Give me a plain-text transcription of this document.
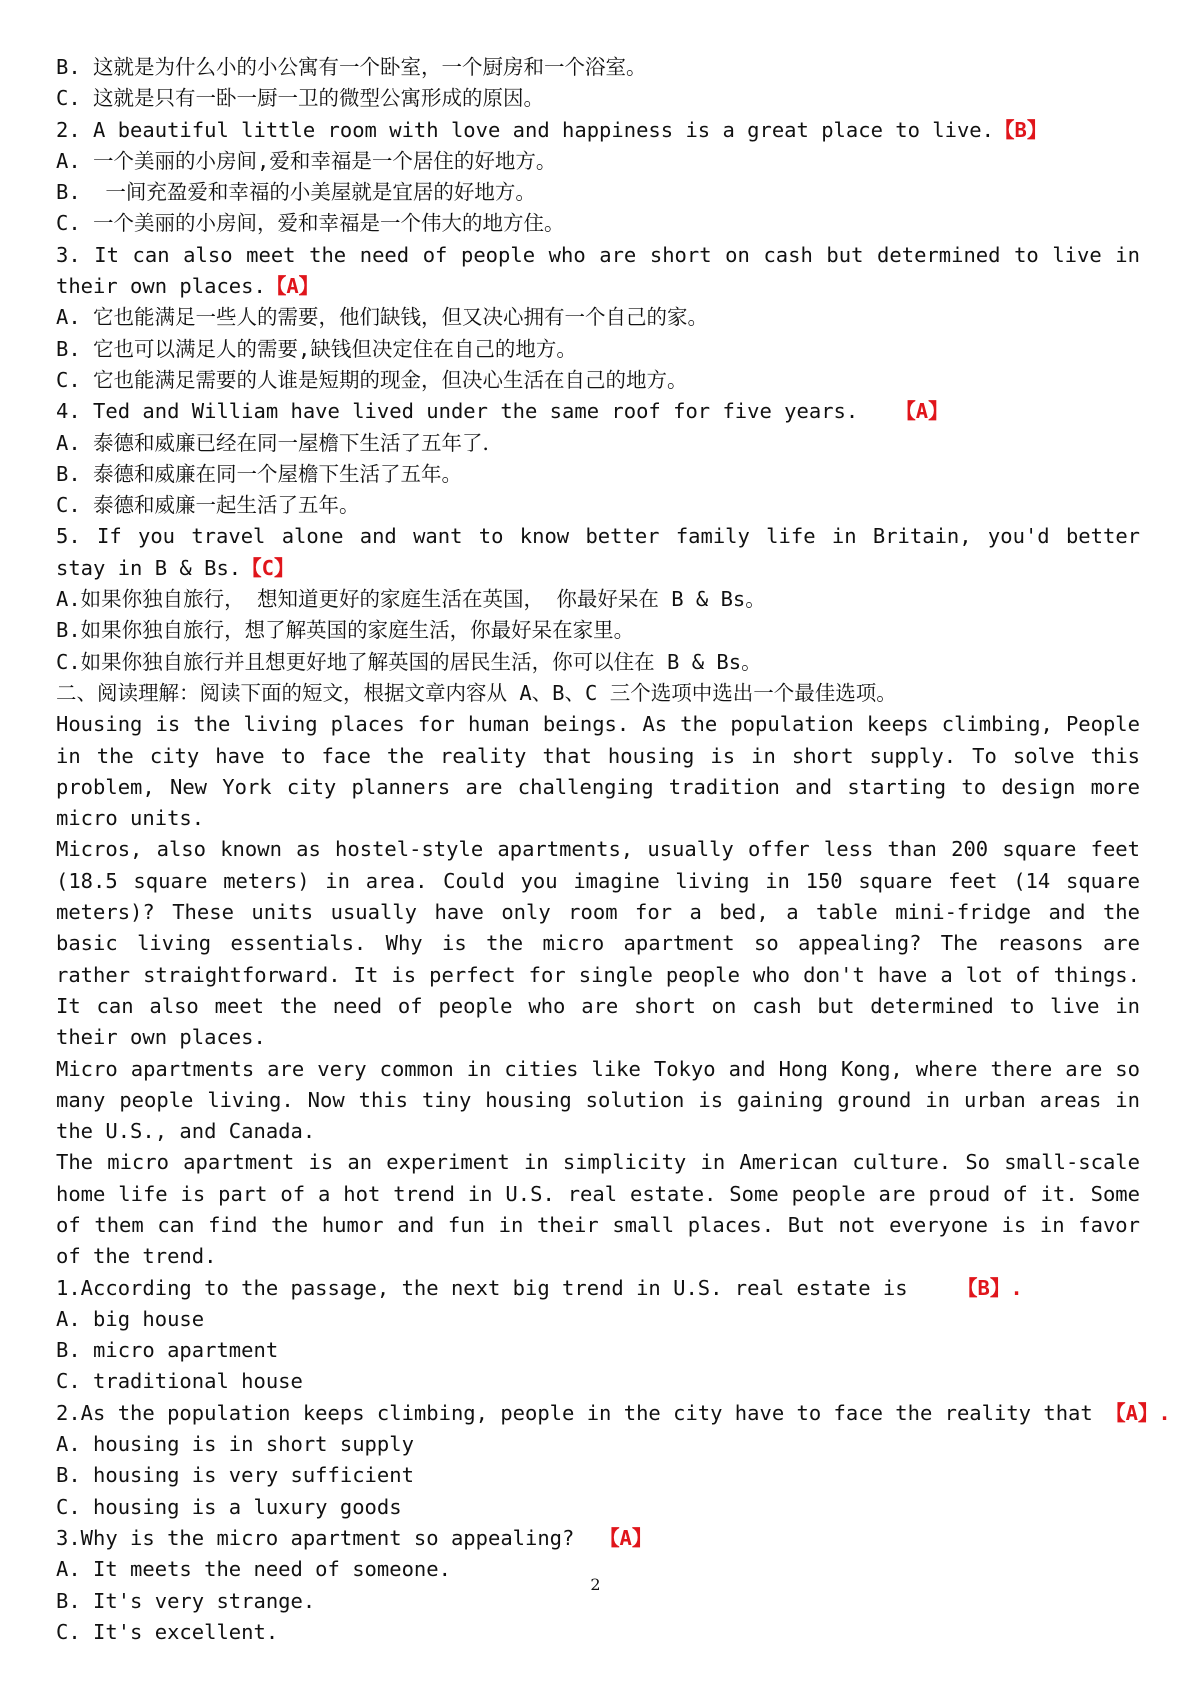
B. 这就是为什么小的小公寓有一个卧室，一个厨房和一个浴室。
C. 这就是只有一卧一厨一卫的微型公寓形成的原因。
2. A beautiful little room with love and happiness is a great place to live.【B】
A. 一个美丽的小房间,爱和幸福是一个居住的好地方。
B.  一间充盈爱和幸福的小美屋就是宜居的好地方。
C. 一个美丽的小房间，爱和幸福是一个伟大的地方住。
3. It can also meet the need of people who are short on cash but determined to live in their own places.【A】
A. 它也能满足一些人的需要，他们缺钱，但又决心拥有一个自己的家。
B. 它也可以满足人的需要,缺钱但决定住在自己的地方。
C. 它也能满足需要的人谁是短期的现金，但决心生活在自己的地方。
4. Ted and William have lived under the same roof for five years.   【A】
A. 泰德和威廉已经在同一屋檐下生活了五年了．
B. 泰德和威廉在同一个屋檐下生活了五年。
C. 泰德和威廉一起生活了五年。
5. If you travel alone and want to know better family life in Britain, you'd better stay in B & Bs.【C】
A.如果你独自旅行， 想知道更好的家庭生活在英国， 你最好呆在 B & Bs。
B.如果你独自旅行，想了解英国的家庭生活，你最好呆在家里。
C.如果你独自旅行并且想更好地了解英国的居民生活，你可以住在 B & Bs。
二、阅读理解：阅读下面的短文，根据文章内容从 A、B、C 三个选项中选出一个最佳选项。
Housing is the living places for human beings. As the population keeps climbing, People in the city have to face the reality that housing is in short supply. To solve this problem, New York city planners are challenging tradition and starting to design more micro units.
Micros, also known as hostel-style apartments, usually offer less than 200 square feet (18.5 square meters) in area. Could you imagine living in 150 square feet (14 square meters)? These units usually have only room for a bed, a table mini-fridge and the basic living essentials. Why is the micro apartment so appealing? The reasons are rather straightforward. It is perfect for single people who don't have a lot of things. It can also meet the need of people who are short on cash but determined to live in their own places.
Micro apartments are very common in cities like Tokyo and Hong Kong, where there are so many people living. Now this tiny housing solution is gaining ground in urban areas in the U.S., and Canada.
The micro apartment is an experiment in simplicity in American culture. So small-scale home life is part of a hot trend in U.S. real estate. Some people are proud of it. Some of them can find the humor and fun in their small places. But not everyone is in favor of the trend.
1.According to the passage, the next big trend in U.S. real estate is    【B】.
A. big house
B. micro apartment
C. traditional house
2.As the population keeps climbing, people in the city have to face the reality that 【A】.
A. housing is in short supply
B. housing is very sufficient
C. housing is a luxury goods
3.Why is the micro apartment so appealing?  【A】
A. It meets the need of someone.
B. It's very strange.
C. It's excellent.
2
